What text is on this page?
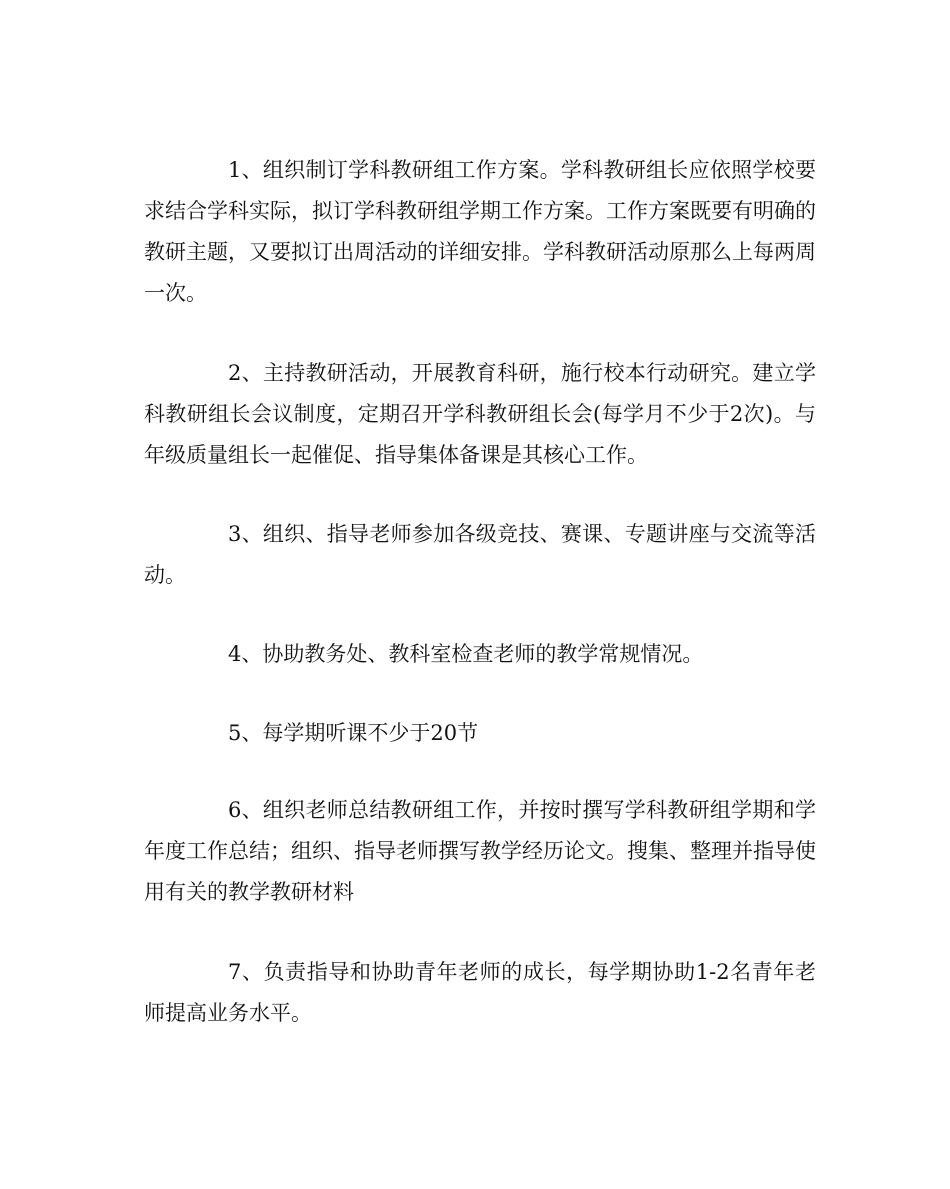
1、组织制订学科教研组工作方案。学科教研组长应依照学校要求结合学科实际，拟订学科教研组学期工作方案。工作方案既要有明确的教研主题，又要拟订出周活动的详细安排。学科教研活动原那么上每两周一次。

2、主持教研活动，开展教育科研，施行校本行动研究。建立学科教研组长会议制度，定期召开学科教研组长会(每学月不少于2次)。与年级质量组长一起催促、指导集体备课是其核心工作。

3、组织、指导老师参加各级竞技、赛课、专题讲座与交流等活动。

4、协助教务处、教科室检查老师的教学常规情况。

5、每学期听课不少于20节

6、组织老师总结教研组工作，并按时撰写学科教研组学期和学年度工作总结；组织、指导老师撰写教学经历论文。搜集、整理并指导使用有关的教学教研材料

7、负责指导和协助青年老师的成长，每学期协助1-2名青年老师提高业务水平。
